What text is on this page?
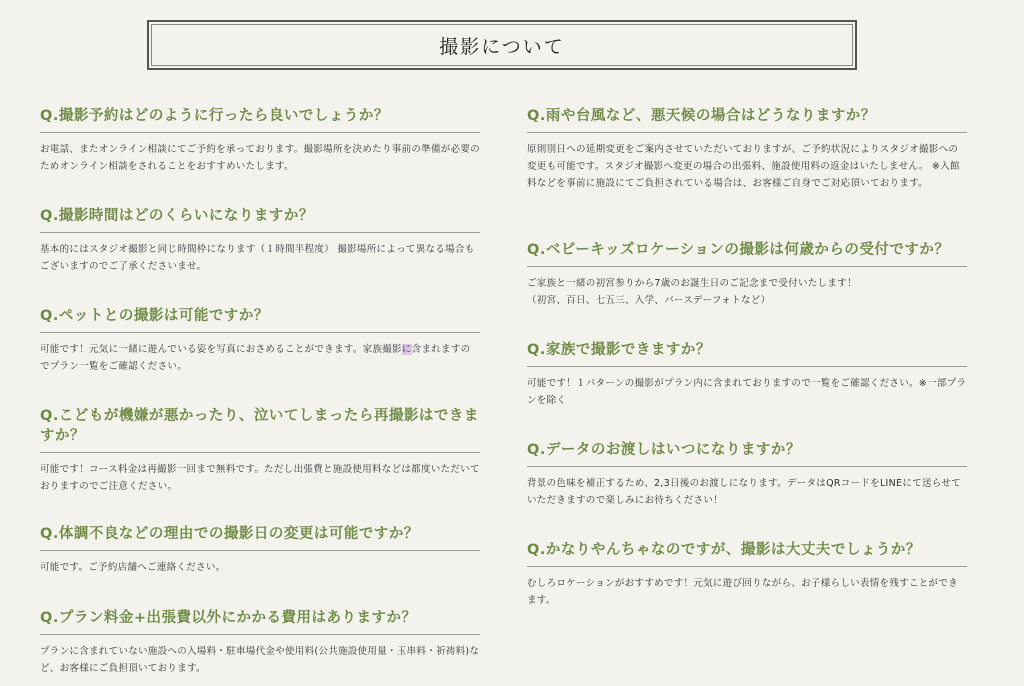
撮影について
Q.撮影予約はどのように行ったら良いでしょうか？
お電話、またオンライン相談にてご予約を承っております。撮影場所を決めたり事前の準備が必要のためオンライン相談をされることをおすすめいたします。
Q.撮影時間はどのくらいになりますか？
基本的にはスタジオ撮影と同じ時間枠になります（１時間半程度） 撮影場所によって異なる場合もございますのでご了承くださいませ。
Q.ペットとの撮影は可能ですか？
可能です！元気に一緒に遊んでいる姿を写真におさめることができます。家族撮影に含まれますのでプラン一覧をご確認ください。
Q.こどもが機嫌が悪かったり、泣いてしまったら再撮影はできますか？
可能です！コース料金は再撮影一回まで無料です。ただし出張費と施設使用料などは都度いただいておりますのでご注意ください。
Q.体調不良などの理由での撮影日の変更は可能ですか？
可能です。ご予約店舗へご連絡ください。
Q.プラン料金+出張費以外にかかる費用はありますか？
プランに含まれていない施設への入場料・駐車場代金や使用料(公共施設使用量・玉串料・祈祷料)など、お客様にご負担頂いております。
Q.雨や台風など、悪天候の場合はどうなりますか？
原則別日への延期変更をご案内させていただいておりますが、ご予約状況によりスタジオ撮影への変更も可能です。スタジオ撮影へ変更の場合の出張料、施設使用料の返金はいたしません。 ※入館料などを事前に施設にてご負担されている場合は、お客様ご自身でご対応頂いております。
Q.ベビーキッズロケーションの撮影は何歳からの受付ですか？
ご家族と一緒の初宮参りから7歳のお誕生日のご記念まで受付いたします！
（初宮、百日、七五三、入学、バースデーフォトなど）
Q.家族で撮影できますか？
可能です！１パターンの撮影がプラン内に含まれておりますので一覧をご確認ください。※一部プランを除く
Q.データのお渡しはいつになりますか？
背景の色味を補正するため、2,3日後のお渡しになります。データはQRコードをLINEにて送らせていただきますので楽しみにお待ちください！
Q.かなりやんちゃなのですが、撮影は大丈夫でしょうか？
むしろロケーションがおすすめです！元気に遊び回りながら、お子様らしい表情を残すことができます。
